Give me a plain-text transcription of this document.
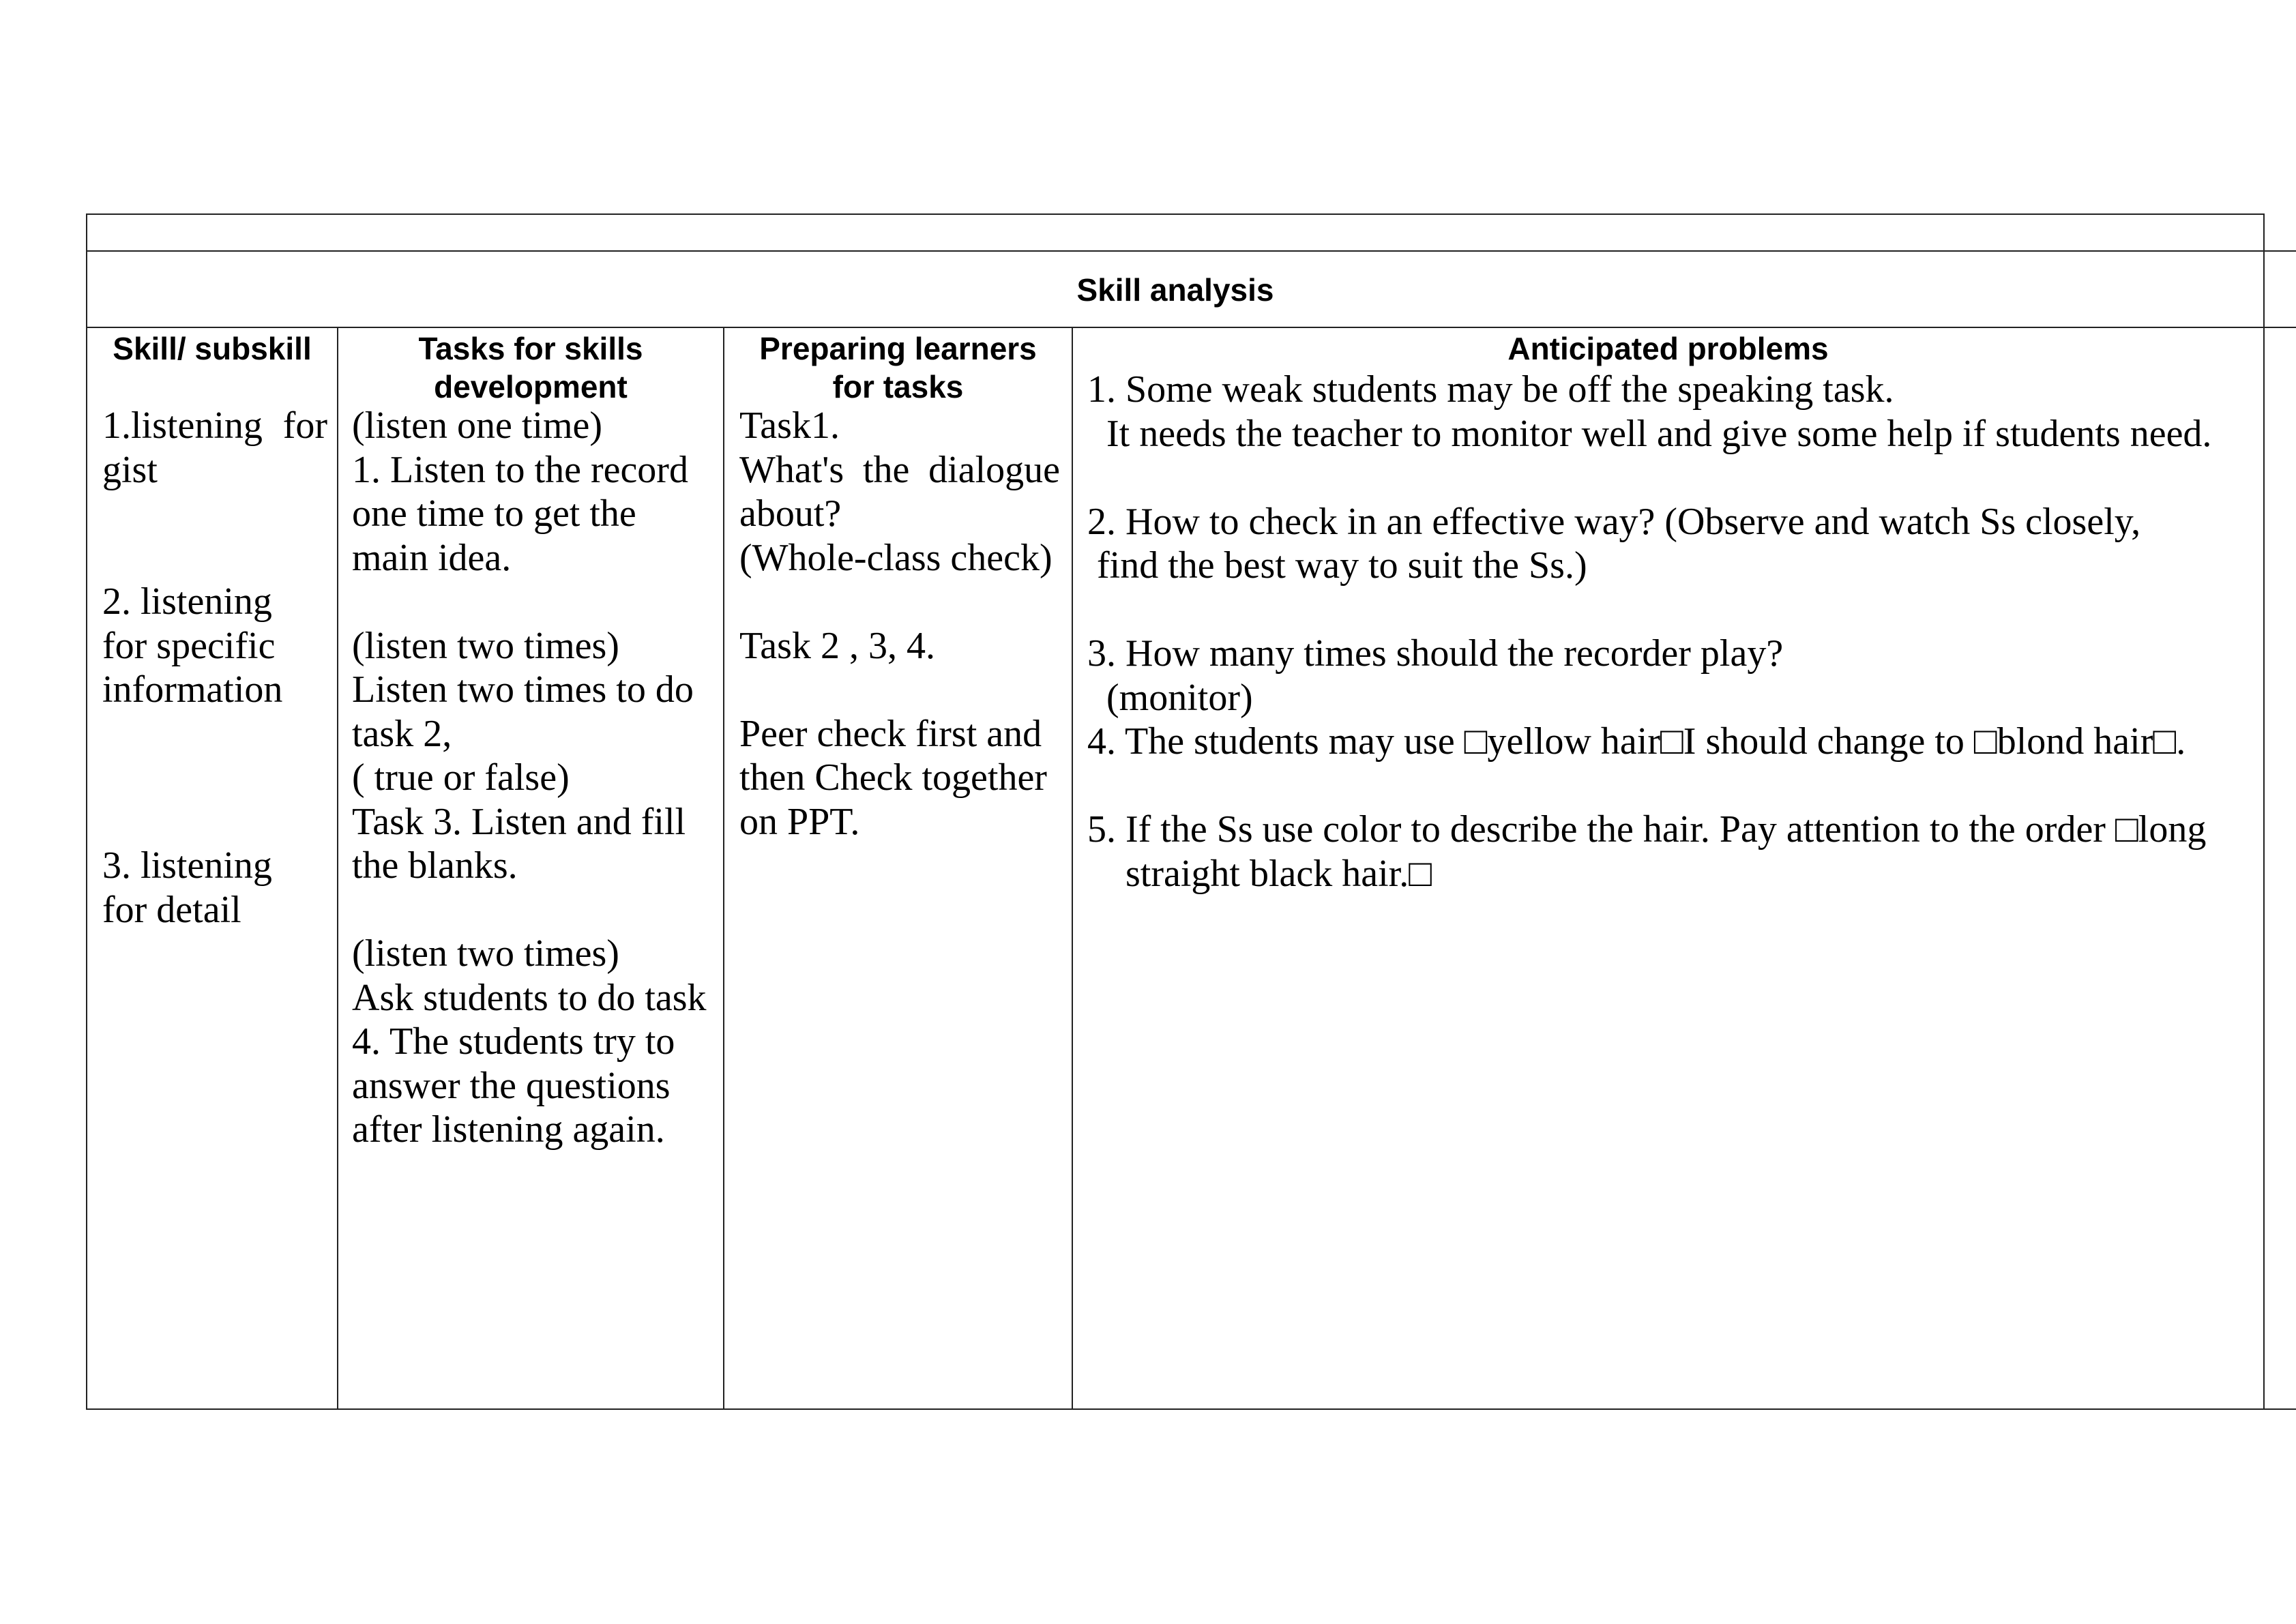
Skill analysis
Skill/ subskill	Tasks for skills
development
Preparing learners
for tasks
Anticipated problems
1.listening for
gist

2. listening
for specific
information

3. listening
for detail
(listen one time)
1. Listen to the record
one time to get the
main idea.

(listen two times)
Listen two times to do
task 2,
( true or false)
Task 3. Listen and fill
the blanks.

(listen two times)
Ask students to do task
4. The students try to
answer the questions
after listening again.
Task1.
What's the dialogue
about?
(Whole-class check)

Task 2 , 3, 4.

Peer check first and
then Check together
on PPT.
1. Some weak students may be off the speaking task.
It needs the teacher to monitor well and give some help if students need.

2. How to check in an effective way? (Observe and watch Ss closely,
find the best way to suit the Ss.)

3. How many times should the recorder play?
(monitor)
4. The students may use □yellow hair□I should change to □blond hair□.

5. If the Ss use color to describe the hair. Pay attention to the order □long
straight black hair.□
